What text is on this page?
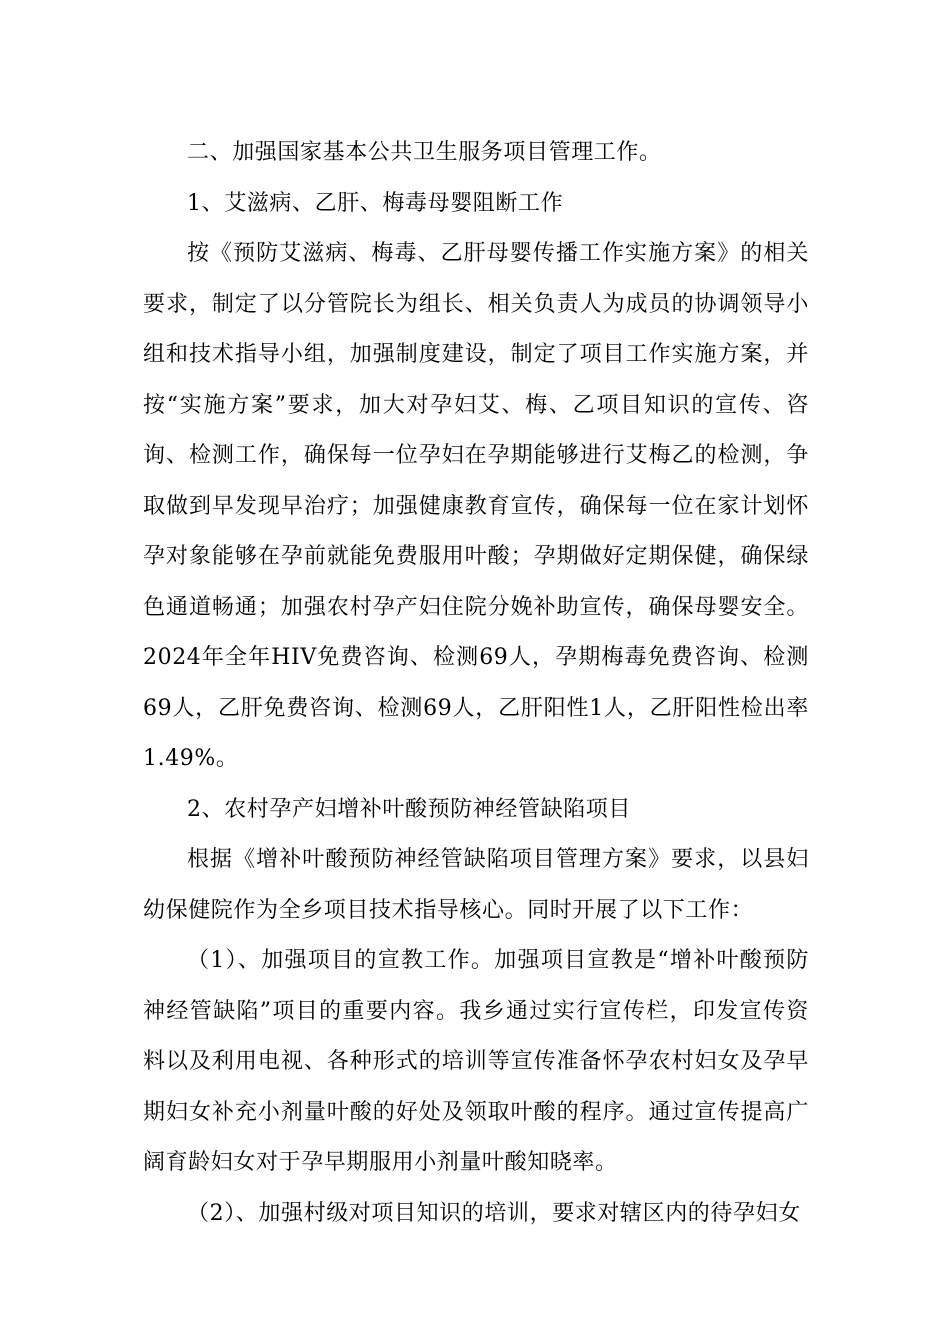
二、加强国家基本公共卫生服务项目管理工作。

1、艾滋病、乙肝、梅毒母婴阻断工作

按《预防艾滋病、梅毒、乙肝母婴传播工作实施方案》的相关要求，制定了以分管院长为组长、相关负责人为成员的协调领导小组和技术指导小组，加强制度建设，制定了项目工作实施方案，并按“实施方案”要求，加大对孕妇艾、梅、乙项目知识的宣传、咨询、检测工作，确保每一位孕妇在孕期能够进行艾梅乙的检测，争取做到早发现早治疗；加强健康教育宣传，确保每一位在家计划怀孕对象能够在孕前就能免费服用叶酸；孕期做好定期保健，确保绿色通道畅通；加强农村孕产妇住院分娩补助宣传，确保母婴安全。2024年全年HIV免费咨询、检测69人，孕期梅毒免费咨询、检测69人，乙肝免费咨询、检测69人，乙肝阳性1人，乙肝阳性检出率1.49%。

2、农村孕产妇增补叶酸预防神经管缺陷项目

根据《增补叶酸预防神经管缺陷项目管理方案》要求，以县妇幼保健院作为全乡项目技术指导核心。同时开展了以下工作：

（1）、加强项目的宣教工作。加强项目宣教是“增补叶酸预防神经管缺陷”项目的重要内容。我乡通过实行宣传栏，印发宣传资料以及利用电视、各种形式的培训等宣传准备怀孕农村妇女及孕早期妇女补充小剂量叶酸的好处及领取叶酸的程序。通过宣传提高广阔育龄妇女对于孕早期服用小剂量叶酸知晓率。

（2）、加强村级对项目知识的培训，要求对辖区内的待孕妇女
